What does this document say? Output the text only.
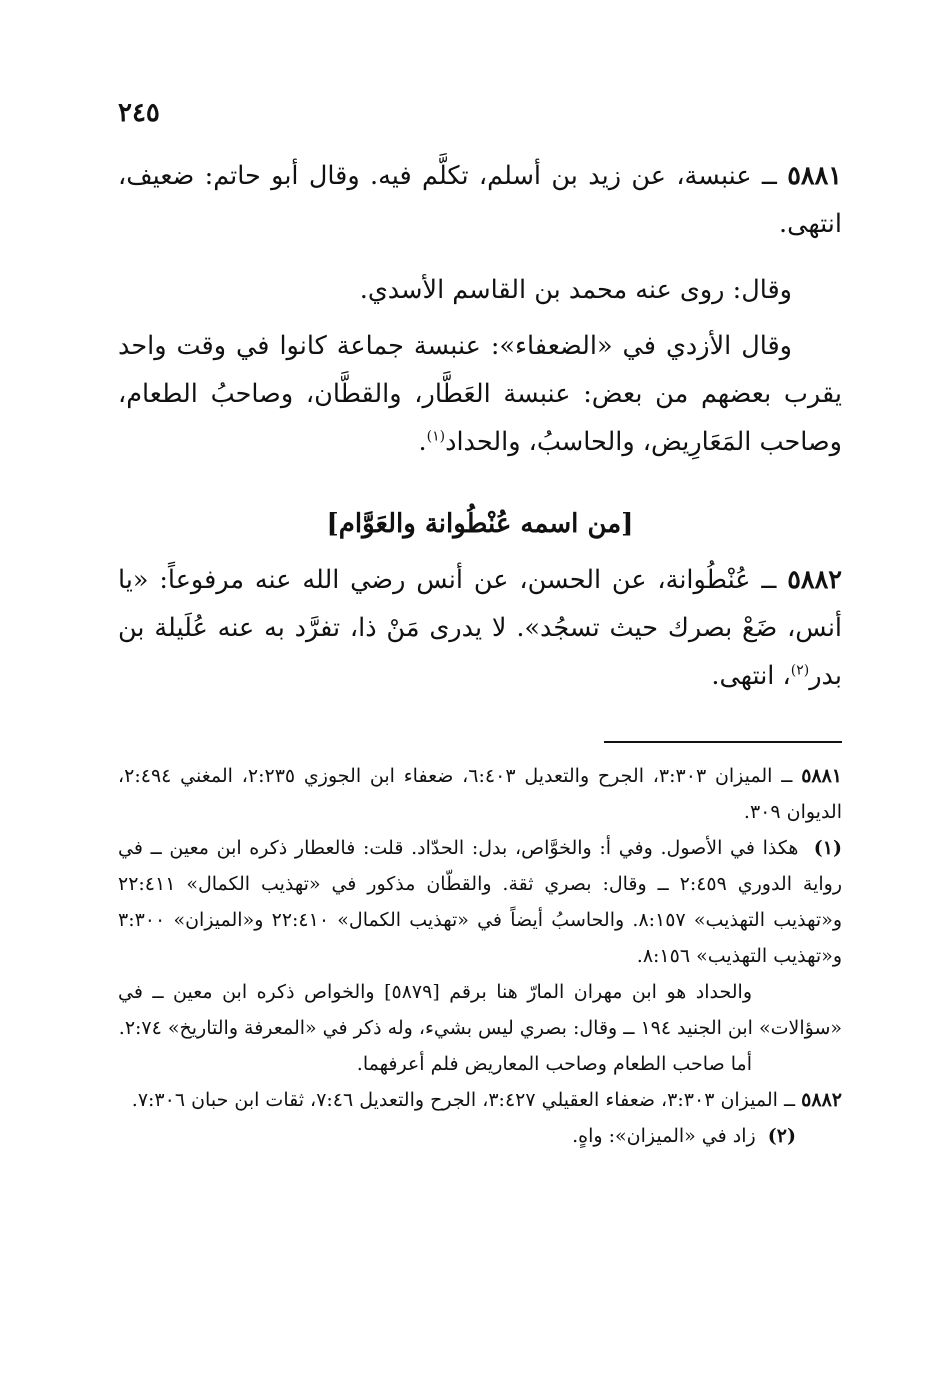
٢٤٥

٥٨٨١ ــ عنبسة، عن زيد بن أسلم، تكلَّم فيه. وقال أبو حاتم: ضعيف، انتهى.

وقال: روى عنه محمد بن القاسم الأسدي.

وقال الأزدي في «الضعفاء»: عنبسة جماعة كانوا في وقت واحد يقرب بعضهم من بعض: عنبسة العَطَّار، والقطَّان، وصاحبُ الطعام، وصاحب المَعَارِيض، والحاسبُ، والحداد$^{(١)}$.

[من اسمه عُنْطُوانة والعَوَّام]

٥٨٨٢ ــ عُنْطُوانة، عن الحسن، عن أنس رضي الله عنه مرفوعاً: «يا أنس، ضَعْ بصرك حيث تسجُد». لا يدرى مَنْ ذا، تفرَّد به عنه عُلَيلة بن بدر$^{(٢)}$، انتهى.

٥٨٨١ ــ الميزان ٣:٣٠٣، الجرح والتعديل ٦:٤٠٣، ضعفاء ابن الجوزي ٢:٢٣٥، المغني ٢:٤٩٤، الديوان ٣٠٩.

(١)  هكذا في الأصول. وفي أ: والخوَّاص، بدل: الحدّاد. قلت: فالعطار ذكره ابن معين ــ في رواية الدوري ٢:٤٥٩ ــ وقال: بصري ثقة. والقطّان مذكور في «تهذيب الكمال» ٢٢:٤١١ و«تهذيب التهذيب» ٨:١٥٧. والحاسبُ أيضاً في «تهذيب الكمال» ٢٢:٤١٠ و«الميزان» ٣:٣٠٠ و«تهذيب التهذيب» ٨:١٥٦.

والحداد هو ابن مهران المارّ هنا برقم [٥٨٧٩] والخواص ذكره ابن معين ــ في «سؤالات» ابن الجنيد ١٩٤ ــ وقال: بصري ليس بشيء، وله ذكر في «المعرفة والتاريخ» ٢:٧٤.

أما صاحب الطعام وصاحب المعاريض فلم أعرفهما.

٥٨٨٢ ــ الميزان ٣:٣٠٣، ضعفاء العقيلي ٣:٤٢٧، الجرح والتعديل ٧:٤٦، ثقات ابن حبان ٧:٣٠٦.

(٢)  زاد في «الميزان»: واهٍ.
